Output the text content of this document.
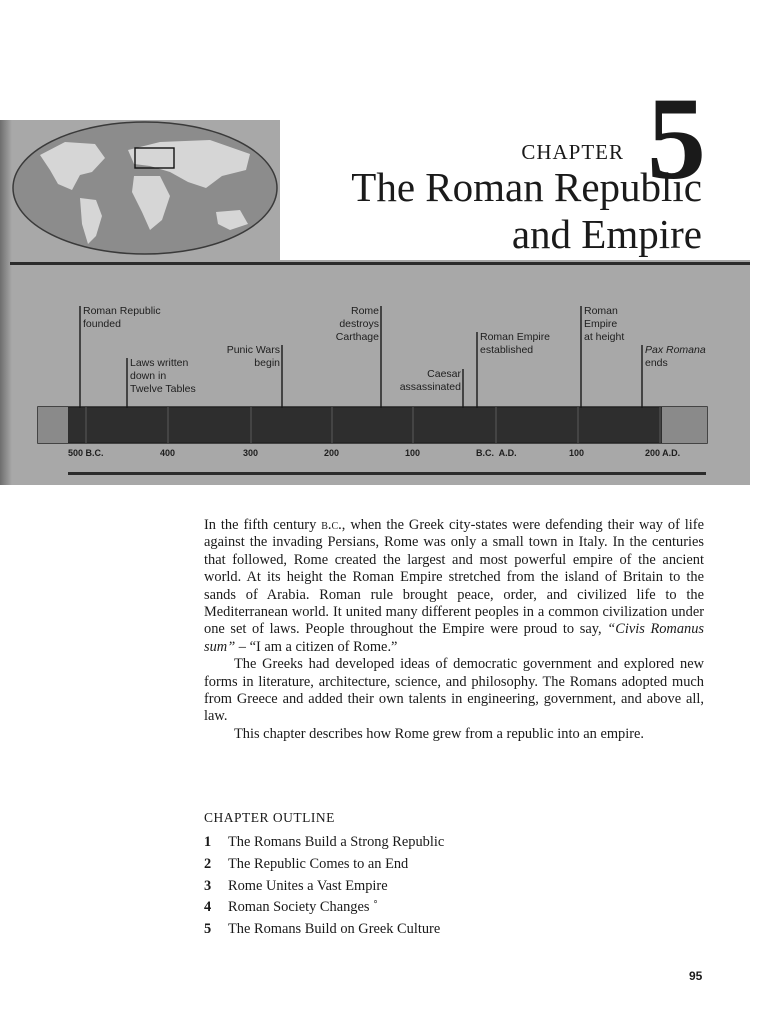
CHAPTER 5
The Roman Republic
and Empire
Roman Republic
founded
Laws written
down in
Twelve Tables
Punic Wars
begin
Rome
destroys
Carthage
Caesar
assassinated
Roman Empire
established
Roman
Empire
at height
Pax Romana
ends
500 B.C.	400	300	200	100	B.C.  A.D.	100	200 A.D.

In the fifth century b.c., when the Greek city-states were defending their way of life against the invading Persians, Rome was only a small town in Italy. In the centuries that followed, Rome created the largest and most powerful empire of the ancient world. At its height the Roman Empire stretched from the island of Britain to the sands of Arabia. Roman rule brought peace, order, and civilized life to the Mediterranean world. It united many different peoples in a common civilization under one set of laws. People throughout the Empire were proud to say, “Civis Romanus sum” – “I am a citizen of Rome.”

The Greeks had developed ideas of democratic government and explored new forms in literature, architecture, science, and philosophy. The Romans adopted much from Greece and added their own talents in engineering, government, and above all, law.

This chapter describes how Rome grew from a republic into an empire.

CHAPTER OUTLINE
1 The Romans Build a Strong Republic
2 The Republic Comes to an End
3 Rome Unites a Vast Empire
4 Roman Society Changes ˚
5 The Romans Build on Greek Culture
95
